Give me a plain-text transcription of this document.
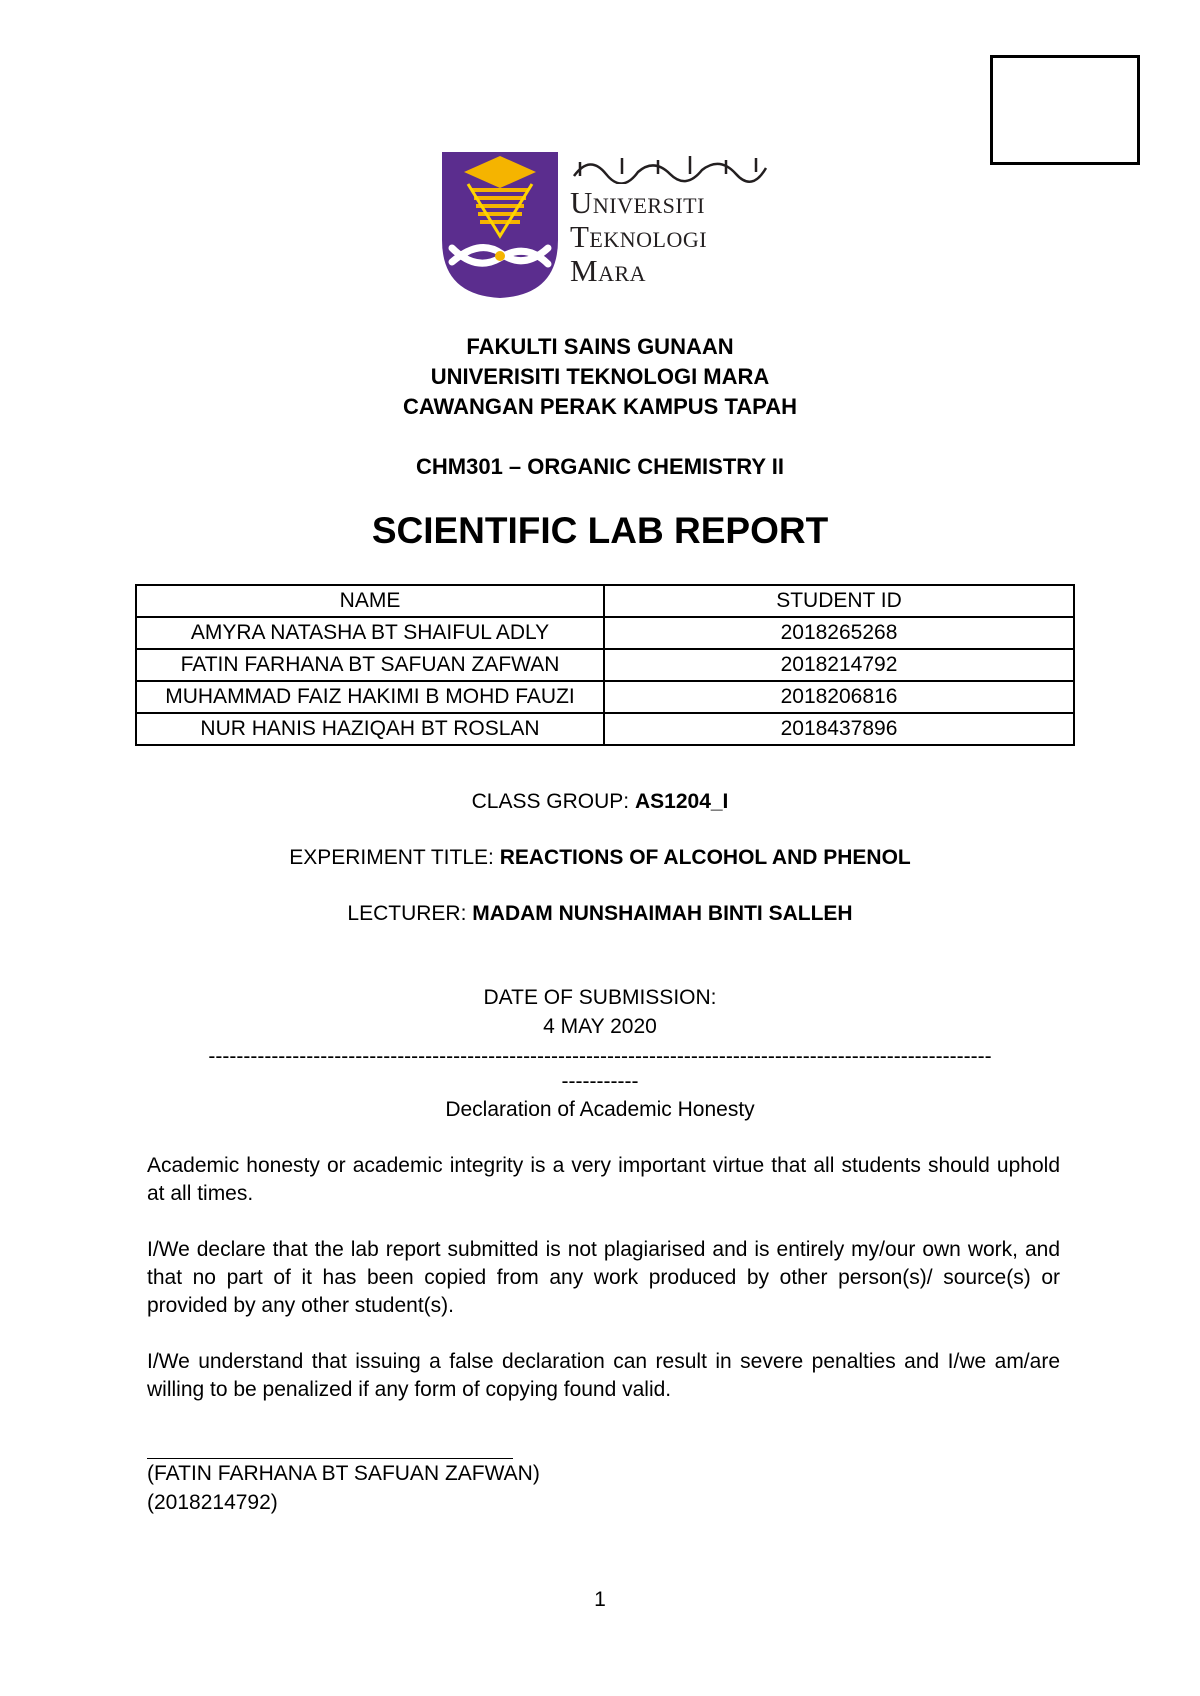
Universiti
Teknologi
Mara
FAKULTI SAINS GUNAAN
UNIVERISITI TEKNOLOGI MARA
CAWANGAN PERAK KAMPUS TAPAH
CHM301 – ORGANIC CHEMISTRY II
SCIENTIFIC LAB REPORT
NAME	STUDENT ID
AMYRA NATASHA BT SHAIFUL ADLY	2018265268
FATIN FARHANA BT SAFUAN ZAFWAN	2018214792
MUHAMMAD FAIZ HAKIMI B MOHD FAUZI	2018206816
NUR HANIS HAZIQAH BT ROSLAN	2018437896
CLASS GROUP: AS1204_I
EXPERIMENT TITLE: REACTIONS OF ALCOHOL AND PHENOL
LECTURER: MADAM NUNSHAIMAH BINTI SALLEH
DATE OF SUBMISSION:
4 MAY 2020
----------------------------------------------------------------------------------------------------------------
-----------
Declaration of Academic Honesty
Academic honesty or academic integrity is a very important virtue that all students should uphold at all times.
I/We declare that the lab report submitted is not plagiarised and is entirely my/our own work, and that no part of it has been copied from any work produced by other person(s)/ source(s) or provided by any other student(s).
I/We understand that issuing a false declaration can result in severe penalties and I/we am/are willing to be penalized if any form of copying found valid.
(FATIN FARHANA BT SAFUAN ZAFWAN)
(2018214792)
1
